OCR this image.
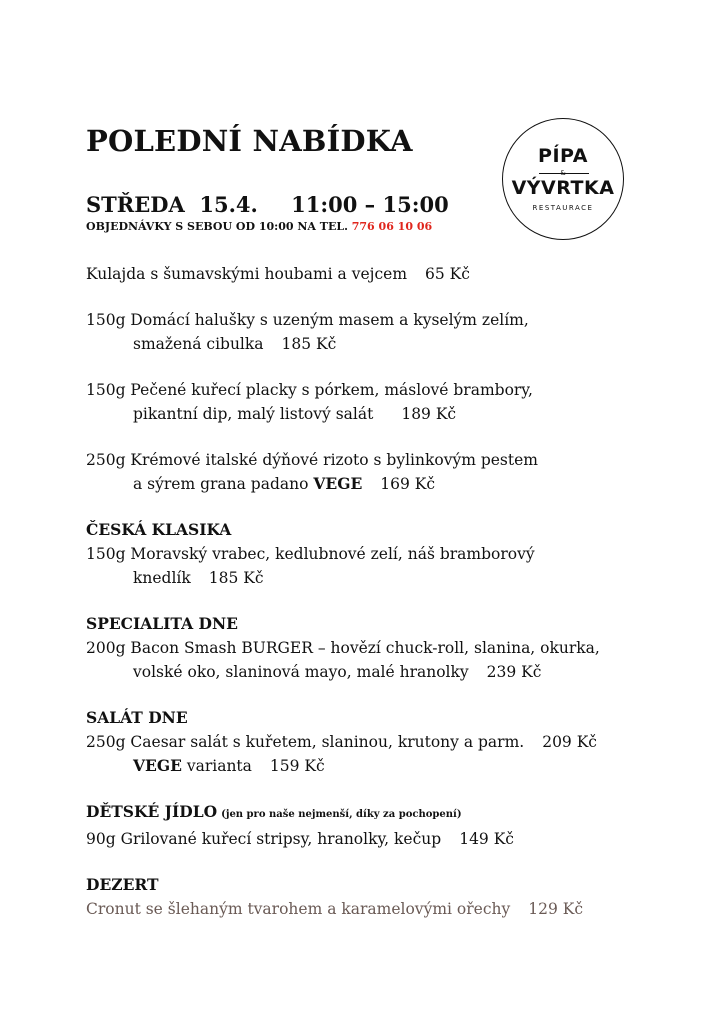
POLEDNÍ NABÍDKA
STŘEDA 15.4. 11:00 – 15:00
OBJEDNÁVKY S SEBOU OD 10:00 NA TEL. 776 06 10 06
PÍPA
&
VÝVRTKA
RESTAURACE
Kulajda s šumavskými houbami a vejcem 65 Kč
150g Domácí halušky s uzeným masem a kyselým zelím,
smažená cibulka 185 Kč
150g Pečené kuřecí placky s pórkem, máslové brambory,
pikantní dip, malý listový salát 189 Kč
250g Krémové italské dýňové rizoto s bylinkovým pestem
a sýrem grana padano VEGE 169 Kč
ČESKÁ KLASIKA
150g Moravský vrabec, kedlubnové zelí, náš bramborový
knedlík 185 Kč
SPECIALITA DNE
200g Bacon Smash BURGER – hovězí chuck-roll, slanina, okurka,
volské oko, slaninová mayo, malé hranolky 239 Kč
SALÁT DNE
250g Caesar salát s kuřetem, slaninou, krutony a parm. 209 Kč
VEGE varianta 159 Kč
DĚTSKÉ JÍDLO (jen pro naše nejmenší, díky za pochopení)
90g Grilované kuřecí stripsy, hranolky, kečup 149 Kč
DEZERT
Cronut se šlehaným tvarohem a karamelovými ořechy 129 Kč
